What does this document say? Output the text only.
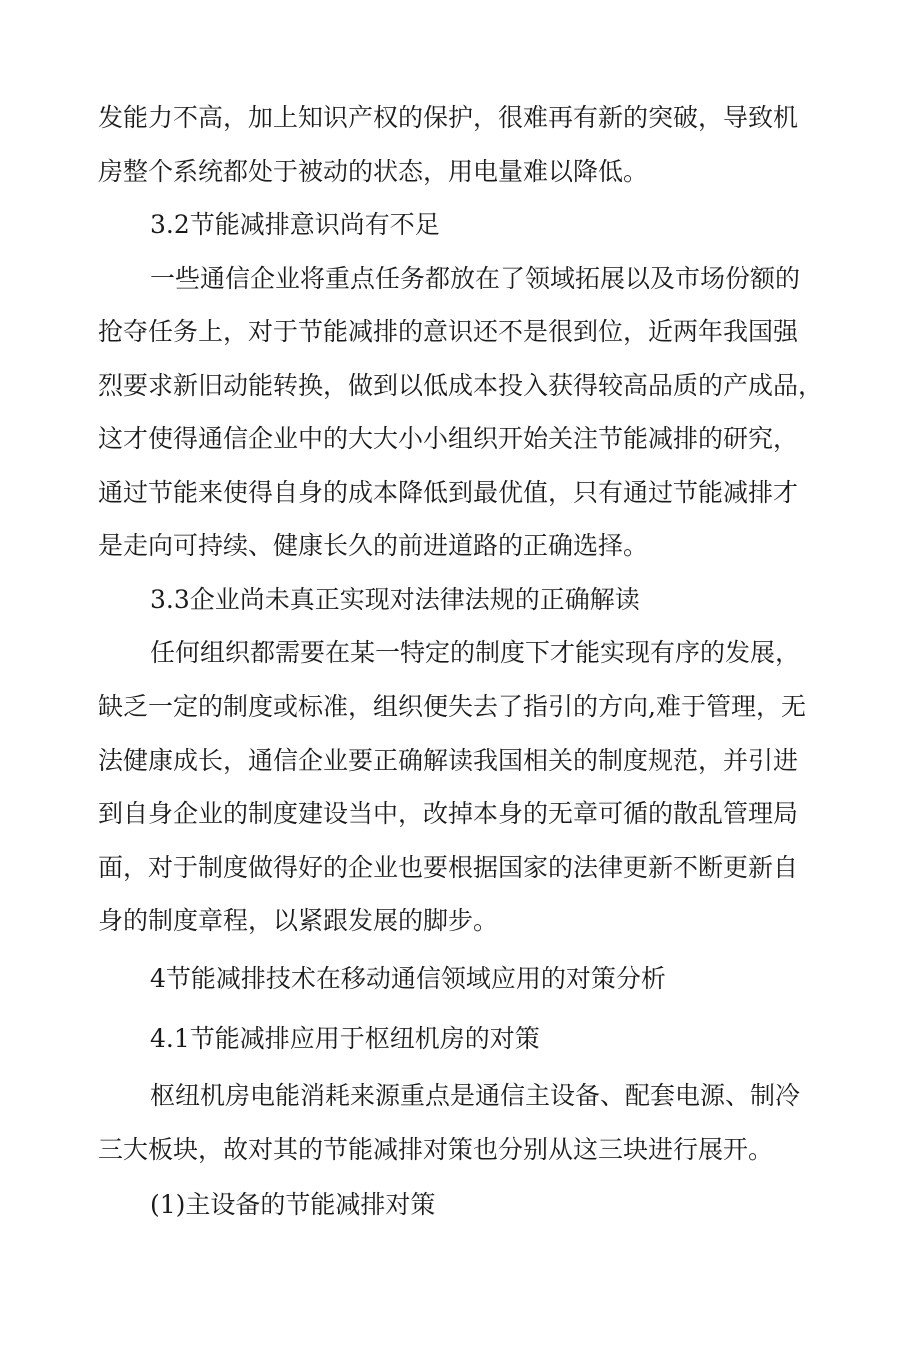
发能力不高，加上知识产权的保护，很难再有新的突破，导致机

房整个系统都处于被动的状态，用电量难以降低。

3.2节能减排意识尚有不足

一些通信企业将重点任务都放在了领域拓展以及市场份额的

抢夺任务上，对于节能减排的意识还不是很到位，近两年我国强

烈要求新旧动能转换，做到以低成本投入获得较高品质的产成品，

这才使得通信企业中的大大小小组织开始关注节能减排的研究，

通过节能来使得自身的成本降低到最优值，只有通过节能减排才

是走向可持续、健康长久的前进道路的正确选择。

3.3企业尚未真正实现对法律法规的正确解读

任何组织都需要在某一特定的制度下才能实现有序的发展，

缺乏一定的制度或标准，组织便失去了指引的方向,难于管理，无

法健康成长，通信企业要正确解读我国相关的制度规范，并引进

到自身企业的制度建设当中，改掉本身的无章可循的散乱管理局

面，对于制度做得好的企业也要根据国家的法律更新不断更新自

身的制度章程，以紧跟发展的脚步。

4节能减排技术在移动通信领域应用的对策分析

4.1节能减排应用于枢纽机房的对策

枢纽机房电能消耗来源重点是通信主设备、配套电源、制冷

三大板块，故对其的节能减排对策也分别从这三块进行展开。

(1)主设备的节能减排对策
